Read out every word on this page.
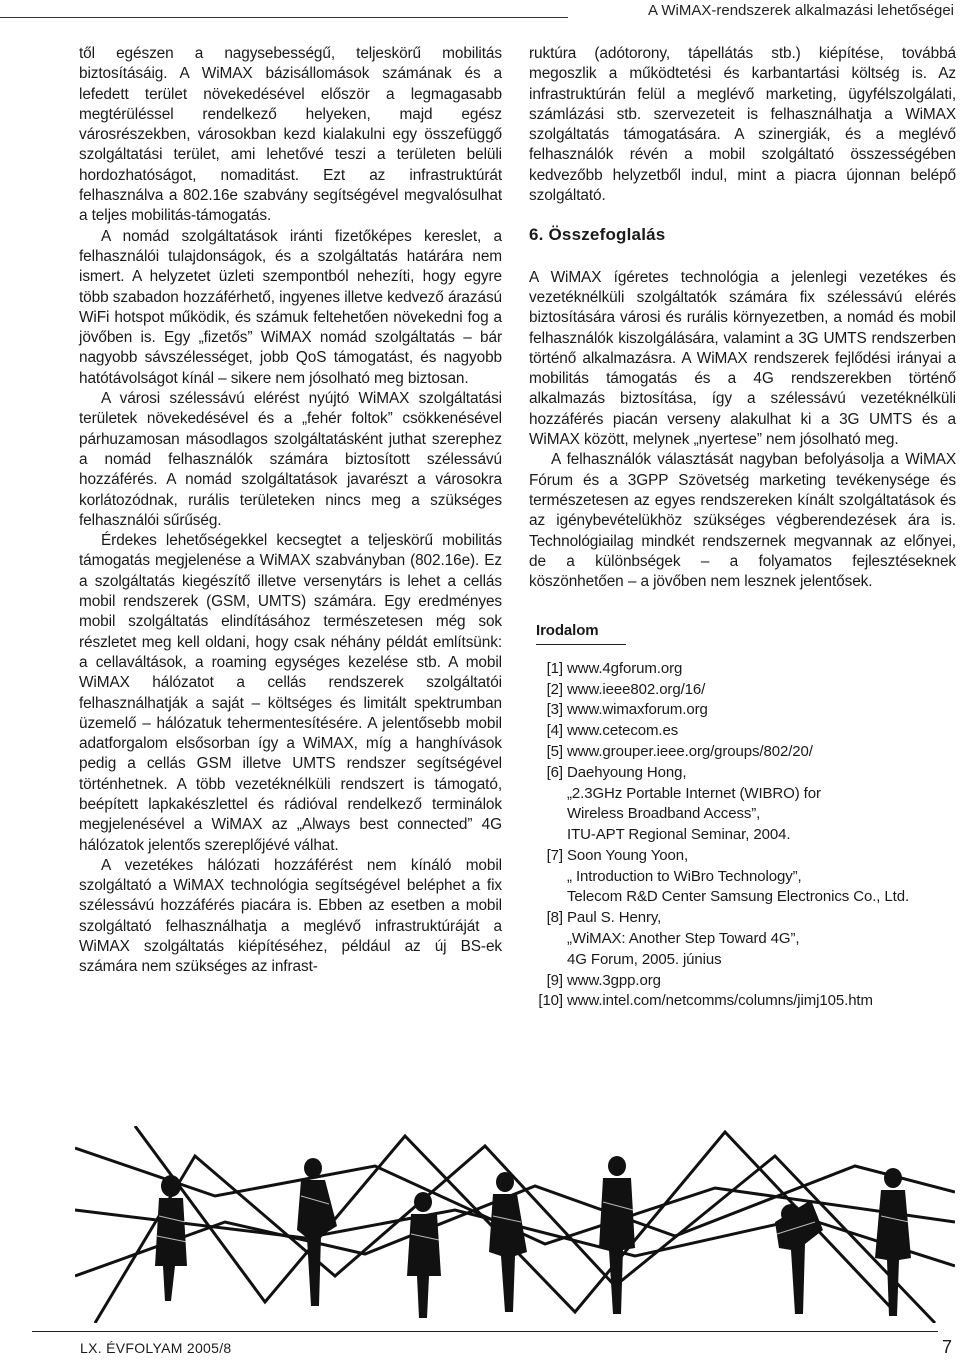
A WiMAX-rendszerek alkalmazási lehetőségei

től egészen a nagysebességű, teljeskörű mobilitás biztosításáig. A WiMAX bázisállomások számának és a lefedett terület növekedésével először a legmagasabb megtérüléssel rendelkező helyeken, majd egész városrészekben, városokban kezd kialakulni egy összefüggő szolgáltatási terület, ami lehetővé teszi a területen belüli hordozhatóságot, nomaditást. Ezt az infrastruktúrát felhasználva a 802.16e szabvány segítségével megvalósulhat a teljes mobilitás-támogatás.

A nomád szolgáltatások iránti fizetőképes kereslet, a felhasználói tulajdonságok, és a szolgáltatás határára nem ismert. A helyzetet üzleti szempontból nehezíti, hogy egyre több szabadon hozzáférhető, ingyenes illetve kedvező árazású WiFi hotspot működik, és számuk feltehetően növekedni fog a jövőben is. Egy „fizetős” WiMAX nomád szolgáltatás – bár nagyobb sávszélességet, jobb QoS támogatást, és nagyobb hatótávolságot kínál – sikere nem jósolható meg biztosan.

A városi szélessávú elérést nyújtó WiMAX szolgáltatási területek növekedésével és a „fehér foltok” csökkenésével párhuzamosan másodlagos szolgáltatásként juthat szerephez a nomád felhasználók számára biztosított szélessávú hozzáférés. A nomád szolgáltatások javarészt a városokra korlátozódnak, rurális területeken nincs meg a szükséges felhasználói sűrűség.

Érdekes lehetőségekkel kecsegtet a teljeskörű mobilitás támogatás megjelenése a WiMAX szabványban (802.16e). Ez a szolgáltatás kiegészítő illetve versenytárs is lehet a cellás mobil rendszerek (GSM, UMTS) számára. Egy eredményes mobil szolgáltatás elindításához természetesen még sok részletet meg kell oldani, hogy csak néhány példát említsünk: a cellaváltások, a roaming egységes kezelése stb. A mobil WiMAX hálózatot a cellás rendszerek szolgáltatói felhasználhatják a saját – költséges és limitált spektrumban üzemelő – hálózatuk tehermentesítésére. A jelentősebb mobil adatforgalom elsősorban így a WiMAX, míg a hanghívások pedig a cellás GSM illetve UMTS rendszer segítségével történhetnek. A több vezetéknélküli rendszert is támogató, beépített lapkakészlettel és rádióval rendelkező terminálok megjelenésével a WiMAX az „Always best connected” 4G hálózatok jelentős szereplőjévé válhat.

A vezetékes hálózati hozzáférést nem kínáló mobil szolgáltató a WiMAX technológia segítségével beléphet a fix szélessávú hozzáférés piacára is. Ebben az esetben a mobil szolgáltató felhasználhatja a meglévő infrastruktúráját a WiMAX szolgáltatás kiépítéséhez, például az új BS-ek számára nem szükséges az infrast-

ruktúra (adótorony, tápellátás stb.) kiépítése, továbbá megoszlik a működtetési és karbantartási költség is. Az infrastruktúrán felül a meglévő marketing, ügyfélszolgálati, számlázási stb. szervezeteit is felhasználhatja a WiMAX szolgáltatás támogatására. A szinergiák, és a meglévő felhasználók révén a mobil szolgáltató összességében kedvezőbb helyzetből indul, mint a piacra újonnan belépő szolgáltató.

6. Összefoglalás

A WiMAX ígéretes technológia a jelenlegi vezetékes és vezetéknélküli szolgáltatók számára fix szélessávú elérés biztosítására városi és rurális környezetben, a nomád és mobil felhasználók kiszolgálására, valamint a 3G UMTS rendszerben történő alkalmazásra. A WiMAX rendszerek fejlődési irányai a mobilitás támogatás és a 4G rendszerekben történő alkalmazás biztosítása, így a szélessávú vezetéknélküli hozzáférés piacán verseny alakulhat ki a 3G UMTS és a WiMAX között, melynek „nyertese” nem jósolható meg.

A felhasználók választását nagyban befolyásolja a WiMAX Fórum és a 3GPP Szövetség marketing tevékenysége és természetesen az egyes rendszereken kínált szolgáltatások és az igénybevételükhöz szükséges végberendezések ára is. Technológiailag mindkét rendszernek megvannak az előnyei, de a különbségek – a folyamatos fejlesztéseknek köszönhetően – a jövőben nem lesznek jelentősek.

Irodalom
[1] www.4gforum.org
[2] www.ieee802.org/16/
[3] www.wimaxforum.org
[4] www.cetecom.es
[5] www.grouper.ieee.org/groups/802/20/
[6] Daehyoung Hong,
„2.3GHz Portable Internet (WIBRO) for
Wireless Broadband Access”,
ITU-APT Regional Seminar, 2004.
[7] Soon Young Yoon,
„ Introduction to WiBro Technology”,
Telecom R&D Center Samsung Electronics Co., Ltd.
[8] Paul S. Henry,
„WiMAX: Another Step Toward 4G”,
4G Forum, 2005. június
[9] www.3gpp.org
[10] www.intel.com/netcomms/columns/jimj105.htm
LX. ÉVFOLYAM 2005/8	7
